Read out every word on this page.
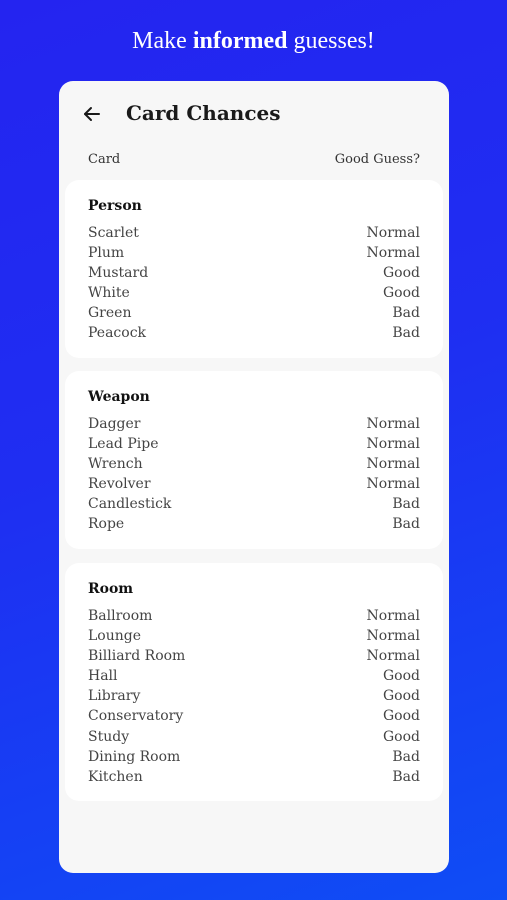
Make informed guesses!
Card Chances
Card	Good Guess?
Person
Scarlet	Normal
Plum	Normal
Mustard	Good
White	Good
Green	Bad
Peacock	Bad
Weapon
Dagger	Normal
Lead Pipe	Normal
Wrench	Normal
Revolver	Normal
Candlestick	Bad
Rope	Bad
Room
Ballroom	Normal
Lounge	Normal
Billiard Room	Normal
Hall	Good
Library	Good
Conservatory	Good
Study	Good
Dining Room	Bad
Kitchen	Bad
